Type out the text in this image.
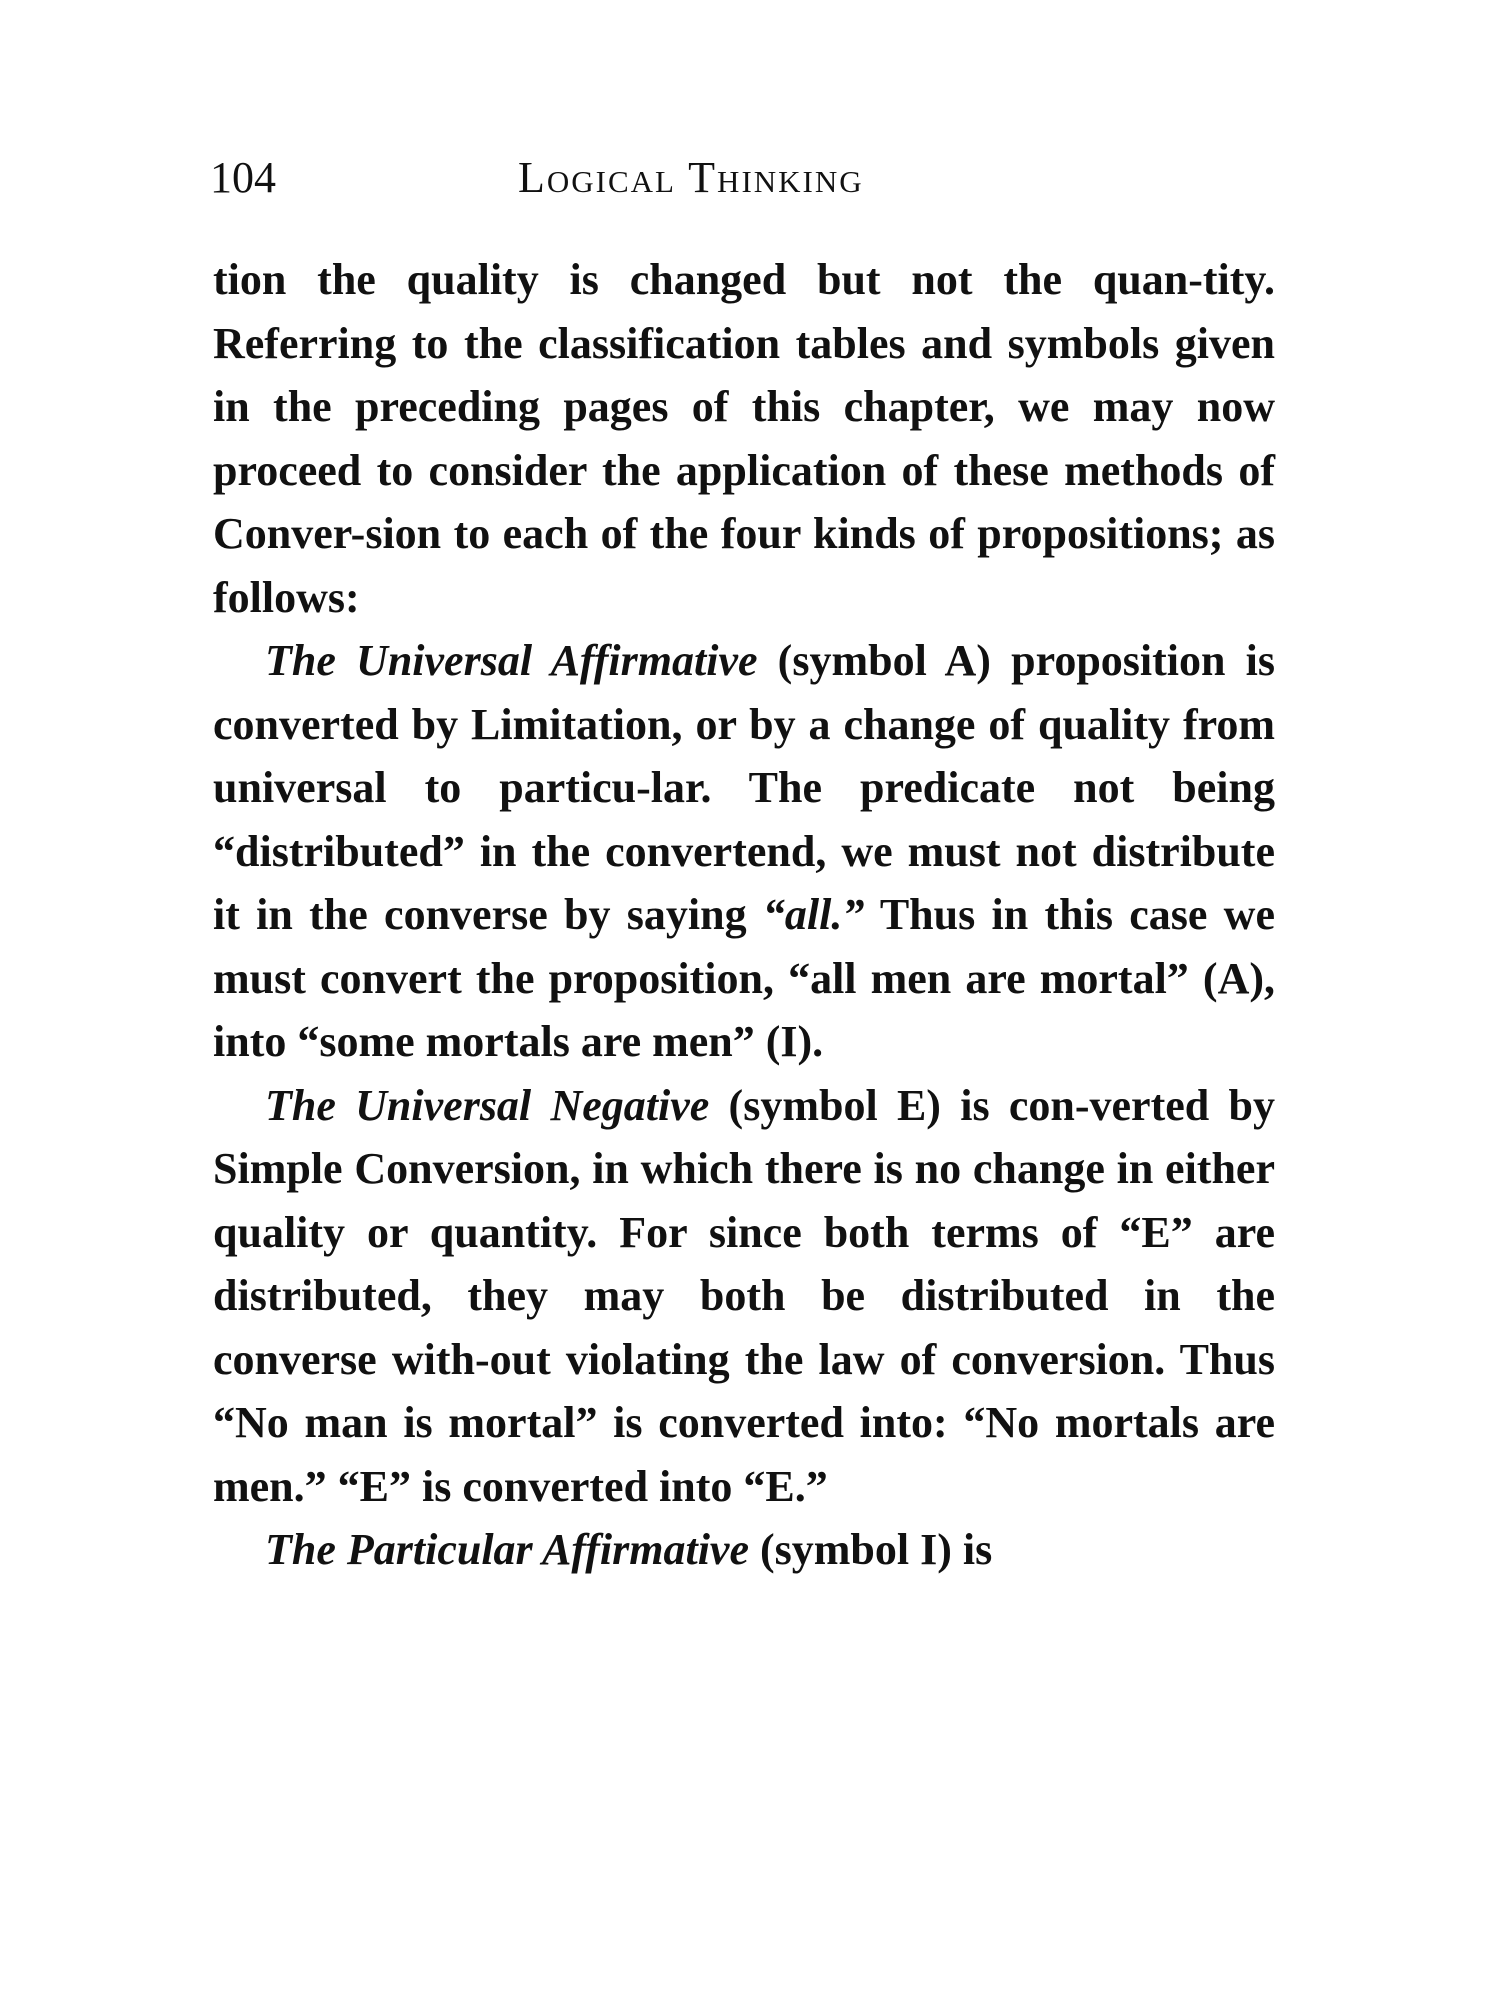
104	Logical Thinking

tion the quality is changed but not the quan-tity. Referring to the classification tables and symbols given in the preceding pages of this chapter, we may now proceed to consider the application of these methods of Conver-sion to each of the four kinds of propositions; as follows:

The Universal Affirmative (symbol A) proposition is converted by Limitation, or by a change of quality from universal to particu-lar. The predicate not being “distributed” in the convertend, we must not distribute it in the converse by saying “all.” Thus in this case we must convert the proposition, “all men are mortal” (A), into “some mortals are men” (I).

The Universal Negative (symbol E) is con-verted by Simple Conversion, in which there is no change in either quality or quantity. For since both terms of “E” are distributed, they may both be distributed in the converse with-out violating the law of conversion. Thus “No man is mortal” is converted into: “No mortals are men.” “E” is converted into “E.”

The Particular Affirmative (symbol I) is
